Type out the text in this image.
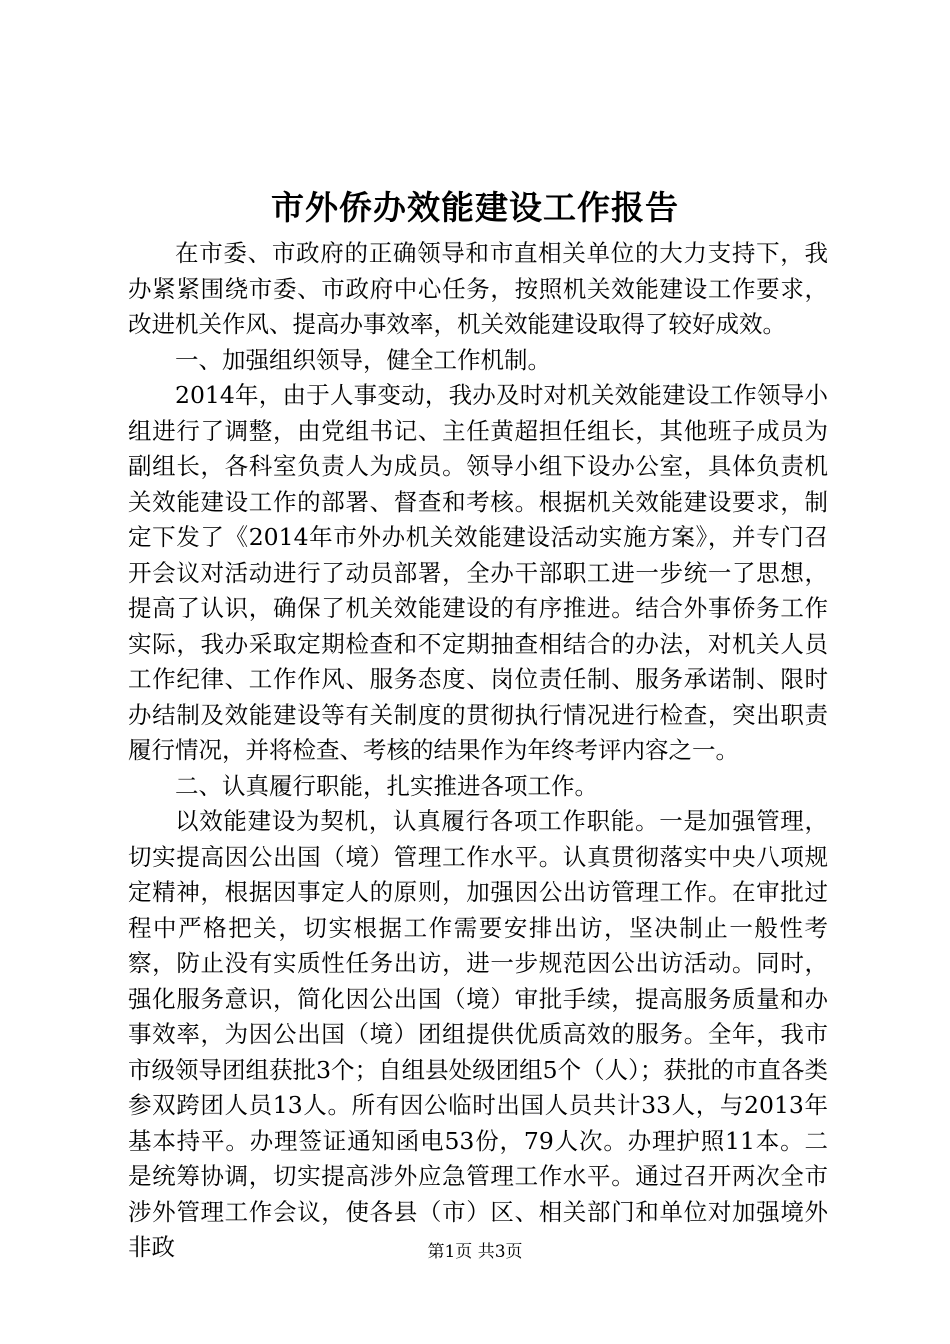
市外侨办效能建设工作报告

在市委、市政府的正确领导和市直相关单位的大力支持下，我办紧紧围绕市委、市政府中心任务，按照机关效能建设工作要求，改进机关作风、提高办事效率，机关效能建设取得了较好成效。

一、加强组织领导，健全工作机制。

2014年，由于人事变动，我办及时对机关效能建设工作领导小组进行了调整，由党组书记、主任黄超担任组长，其他班子成员为副组长，各科室负责人为成员。领导小组下设办公室，具体负责机关效能建设工作的部署、督查和考核。根据机关效能建设要求，制定下发了《2014年市外办机关效能建设活动实施方案》，并专门召开会议对活动进行了动员部署，全办干部职工进一步统一了思想，提高了认识，确保了机关效能建设的有序推进。结合外事侨务工作实际，我办采取定期检查和不定期抽查相结合的办法，对机关人员工作纪律、工作作风、服务态度、岗位责任制、服务承诺制、限时办结制及效能建设等有关制度的贯彻执行情况进行检查，突出职责履行情况，并将检查、考核的结果作为年终考评内容之一。

二、认真履行职能，扎实推进各项工作。

以效能建设为契机，认真履行各项工作职能。一是加强管理，切实提高因公出国（境）管理工作水平。认真贯彻落实中央八项规定精神，根据因事定人的原则，加强因公出访管理工作。在审批过程中严格把关，切实根据工作需要安排出访，坚决制止一般性考察，防止没有实质性任务出访，进一步规范因公出访活动。同时，强化服务意识，简化因公出国（境）审批手续，提高服务质量和办事效率，为因公出国（境）团组提供优质高效的服务。全年，我市市级领导团组获批3个；自组县处级团组5个（人）；获批的市直各类参双跨团人员13人。所有因公临时出国人员共计33人，与2013年基本持平。办理签证通知函电53份，79人次。办理护照11本。二是统筹协调，切实提高涉外应急管理工作水平。通过召开两次全市涉外管理工作会议，使各县（市）区、相关部门和单位对加强境外非政	第1页 共3页
